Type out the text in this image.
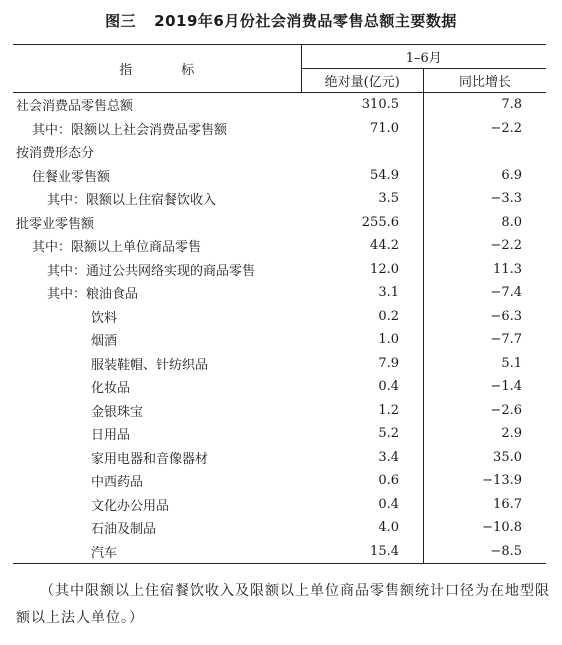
图三 2019年6月份社会消费品零售总额主要数据
指　标	1–6月	
	绝对量(亿元)	同比增长
社会消费品零售总额	310.5	7.8
其中：限额以上社会消费品零售额	71.0	−2.2
按消费形态分		
住餐业零售额	54.9	6.9
其中：限额以上住宿餐饮收入	3.5	−3.3
批零业零售额	255.6	8.0
其中：限额以上单位商品零售	44.2	−2.2
其中：通过公共网络实现的商品零售	12.0	11.3
其中：粮油食品	3.1	−7.4
饮料	0.2	−6.3
烟酒	1.0	−7.7
服装鞋帽、针纺织品	7.9	5.1
化妆品	0.4	−1.4
金银珠宝	1.2	−2.6
日用品	5.2	2.9
家用电器和音像器材	3.4	35.0
中西药品	0.6	−13.9
文化办公用品	0.4	16.7
石油及制品	4.0	−10.8
汽车	15.4	−8.5
（其中限额以上住宿餐饮收入及限额以上单位商品零售额统计口径为在地型限额以上法人单位。）
